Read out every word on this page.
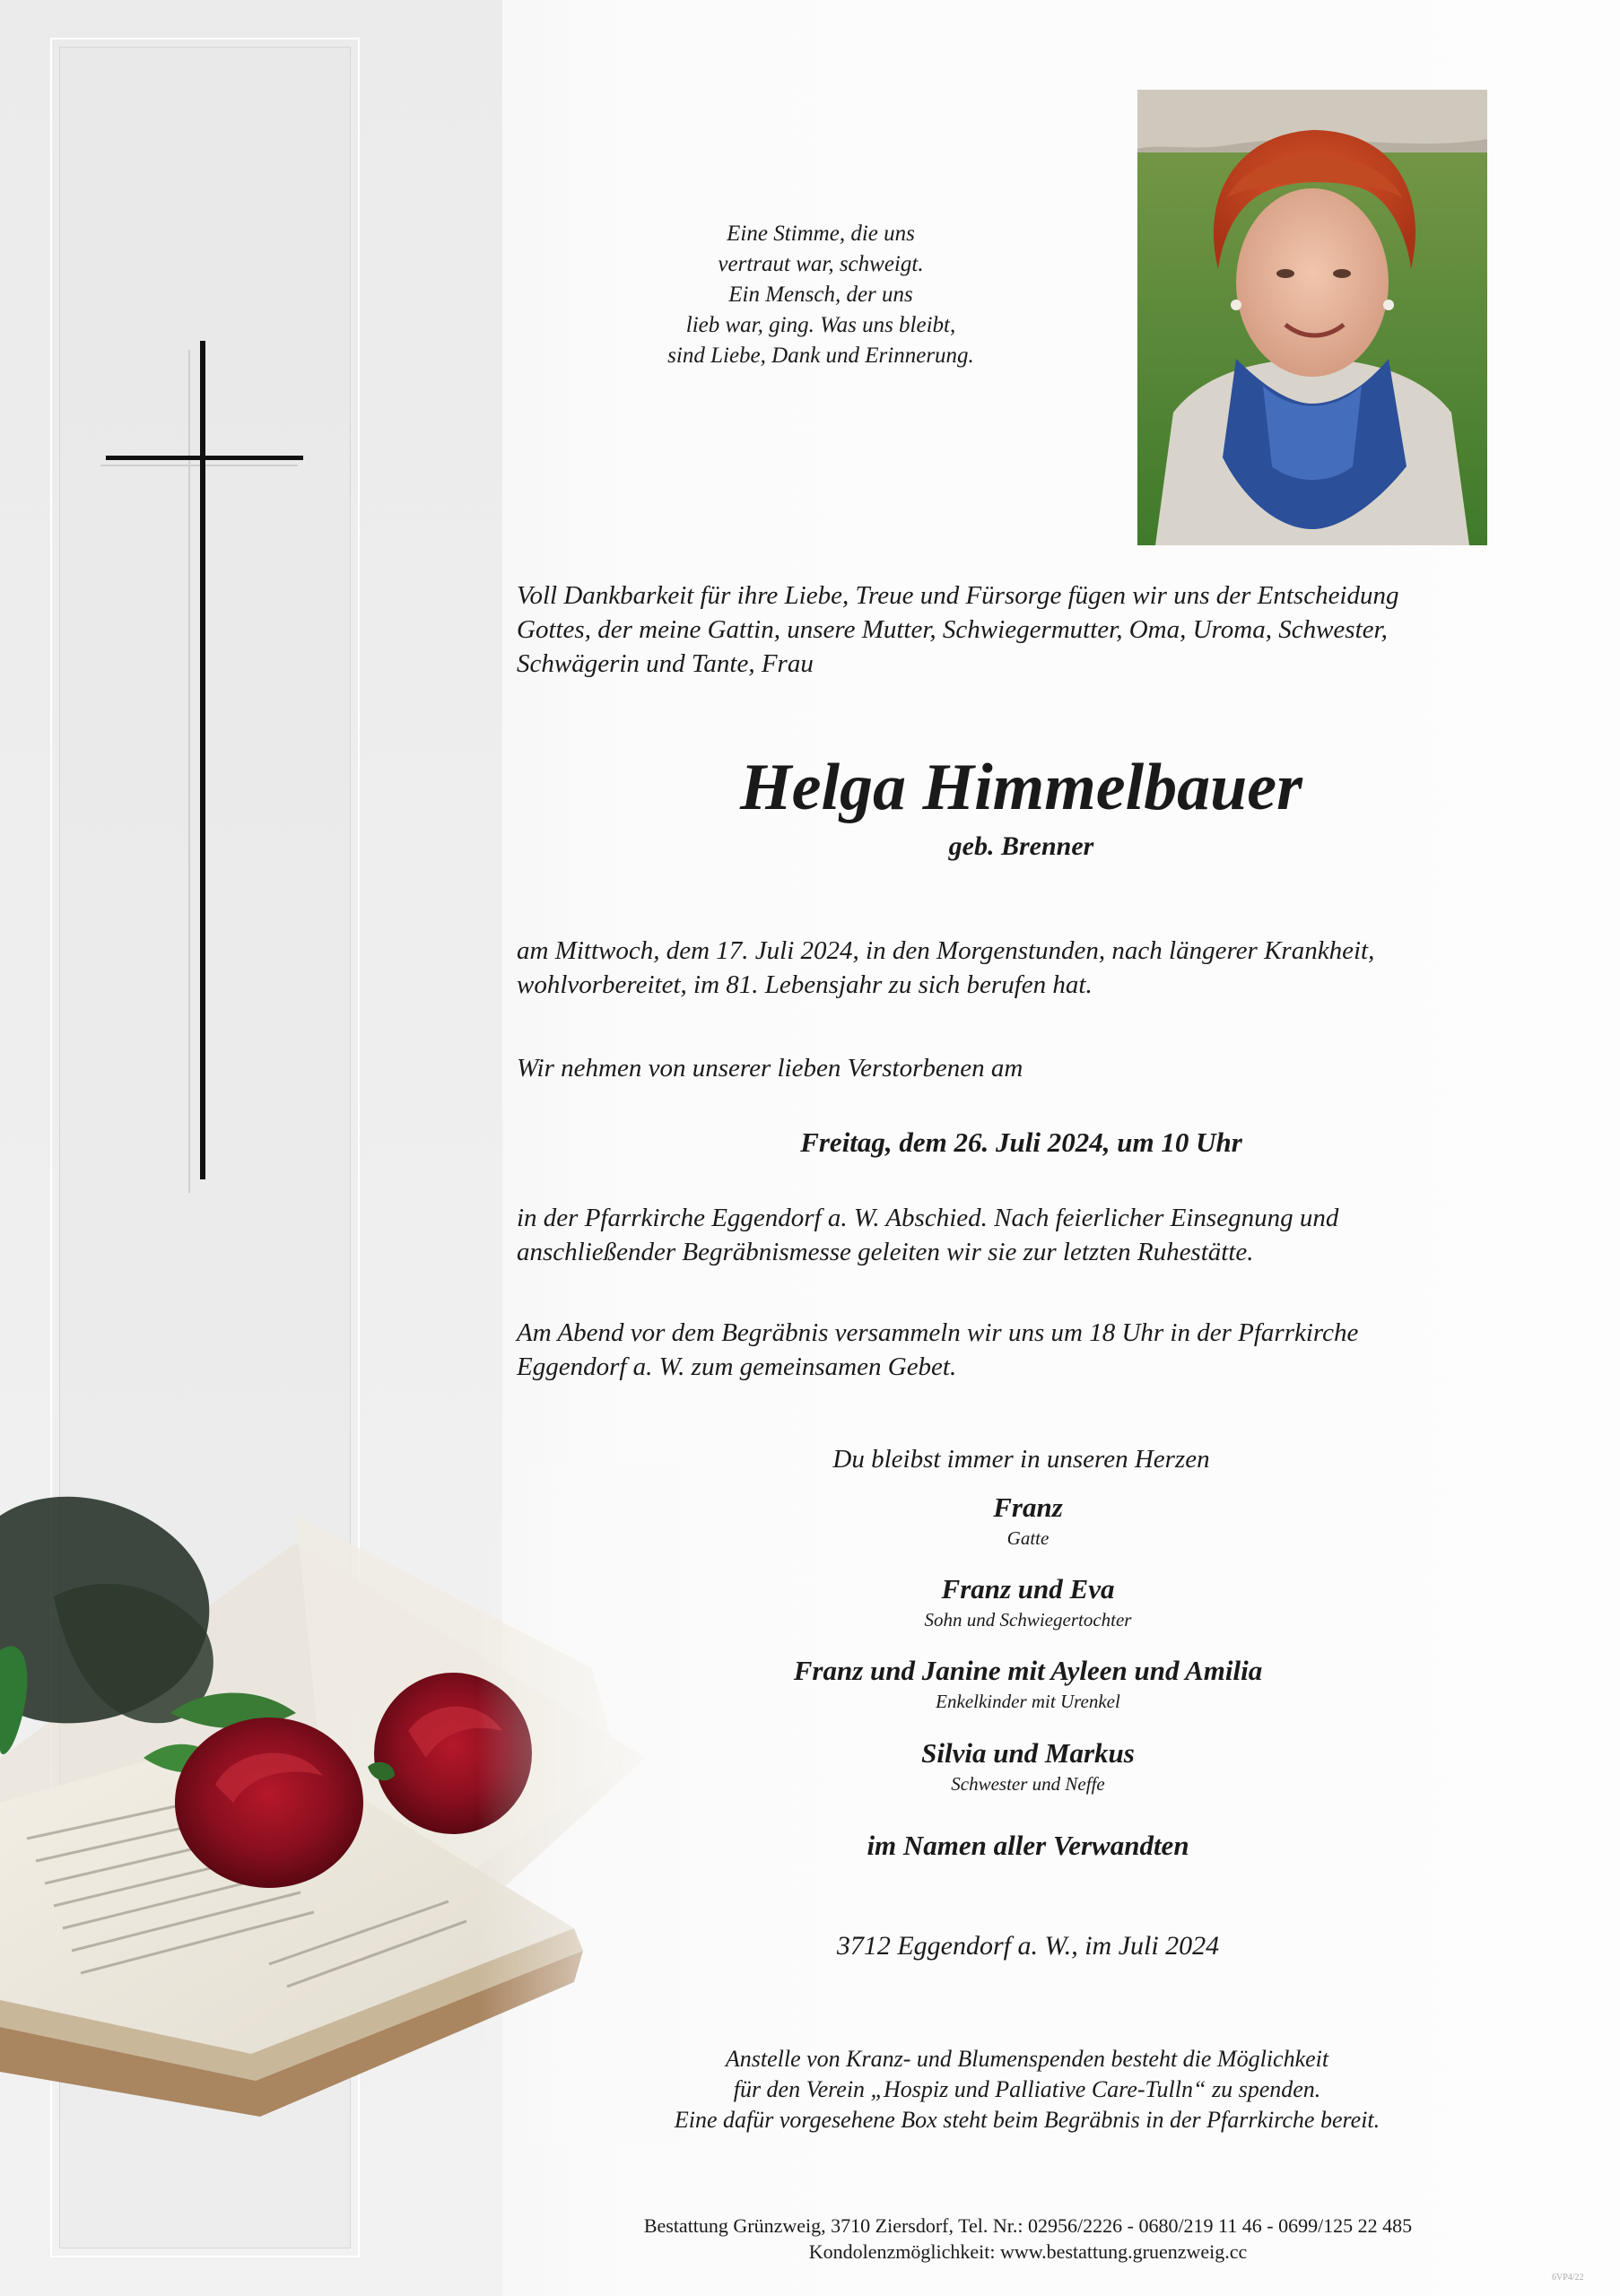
Eine Stimme, die uns
vertraut war, schweigt.
Ein Mensch, der uns
lieb war, ging. Was uns bleibt,
sind Liebe, Dank und Erinnerung.
Voll Dankbarkeit für ihre Liebe, Treue und Fürsorge fügen wir uns der Entscheidung
Gottes, der meine Gattin, unsere Mutter, Schwiegermutter, Oma, Uroma, Schwester,
Schwägerin und Tante, Frau
Helga Himmelbauer
geb. Brenner
am Mittwoch, dem 17. Juli 2024, in den Morgenstunden, nach längerer Krankheit,
wohlvorbereitet, im 81. Lebensjahr zu sich berufen hat.
Wir nehmen von unserer lieben Verstorbenen am
Freitag, dem 26. Juli 2024, um 10 Uhr
in der Pfarrkirche Eggendorf a. W. Abschied. Nach feierlicher Einsegnung und
anschließender Begräbnismesse geleiten wir sie zur letzten Ruhestätte.
Am Abend vor dem Begräbnis versammeln wir uns um 18 Uhr in der Pfarrkirche
Eggendorf a. W. zum gemeinsamen Gebet.
Du bleibst immer in unseren Herzen
Franz
Gatte
Franz und Eva
Sohn und Schwiegertochter
Franz und Janine mit Ayleen und Amilia
Enkelkinder mit Urenkel
Silvia und Markus
Schwester und Neffe
im Namen aller Verwandten
3712 Eggendorf a. W., im Juli 2024
Anstelle von Kranz- und Blumenspenden besteht die Möglichkeit
für den Verein „Hospiz und Palliative Care-Tulln“ zu spenden.
Eine dafür vorgesehene Box steht beim Begräbnis in der Pfarrkirche bereit.
Bestattung Grünzweig, 3710 Ziersdorf, Tel. Nr.: 02956/2226 - 0680/219 11 46 - 0699/125 22 485
Kondolenzmöglichkeit: www.bestattung.gruenzweig.cc
6VP4/22
